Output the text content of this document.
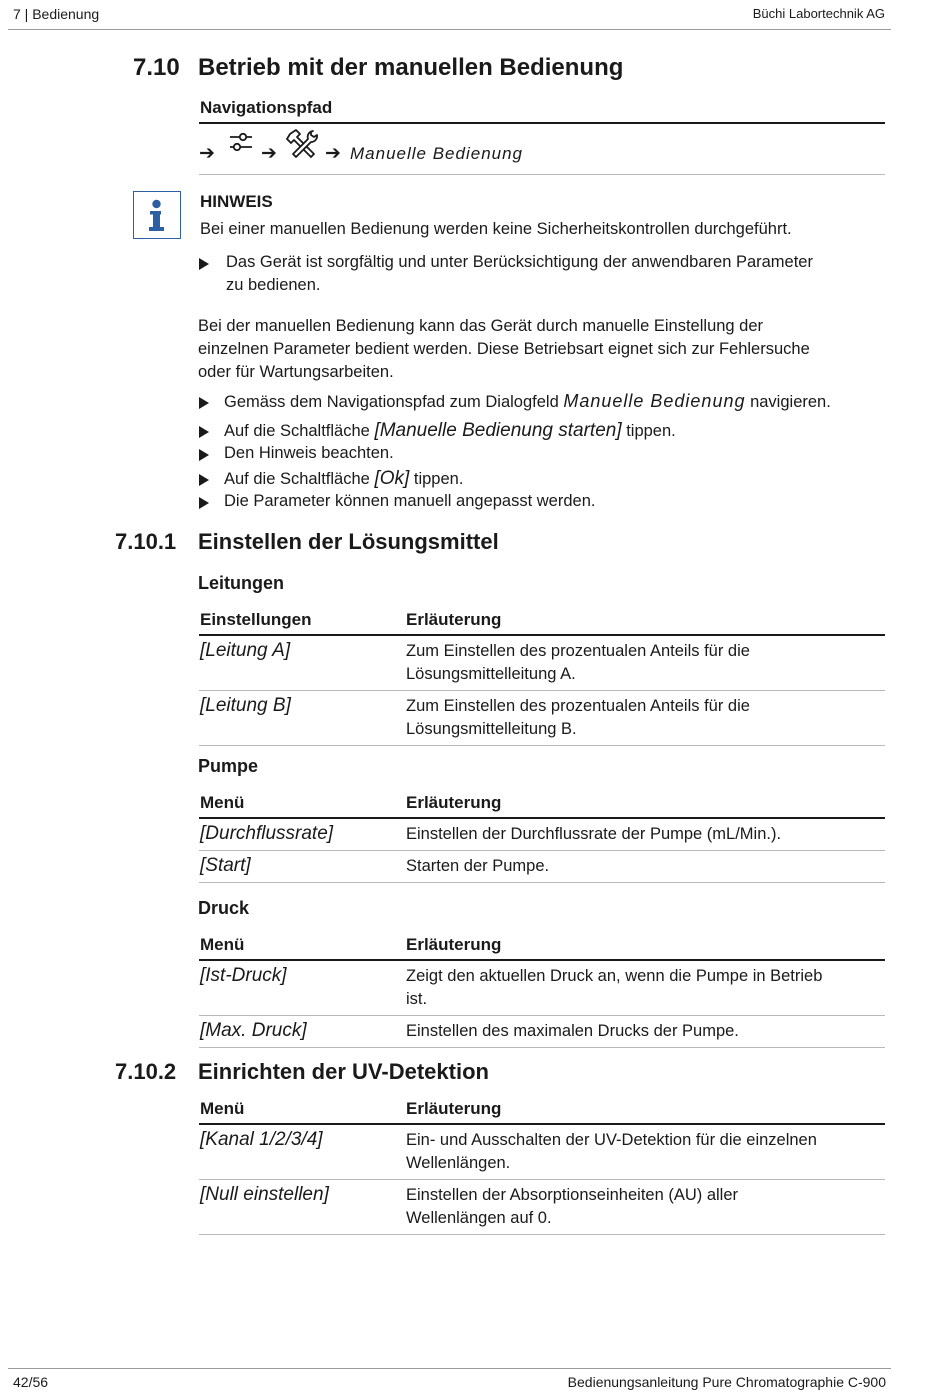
7 | Bedienung	Büchi Labortechnik AG
7.10 Betrieb mit der manuellen Bedienung
Navigationspfad
➔ ➔	➔ Manuelle Bedienung
HINWEIS
Bei einer manuellen Bedienung werden keine Sicherheitskontrollen durchgeführt.
Das Gerät ist sorgfältig und unter Berücksichtigung der anwendbaren Parameter
zu bedienen.
Bei der manuellen Bedienung kann das Gerät durch manuelle Einstellung der
einzelnen Parameter bedient werden. Diese Betriebsart eignet sich zur Fehlersuche
oder für Wartungsarbeiten.
Gemäss dem Navigationspfad zum Dialogfeld Manuelle Bedienung navigieren.
Auf die Schaltfläche [Manuelle Bedienung starten] tippen.
Den Hinweis beachten.
Auf die Schaltfläche [Ok] tippen.
Die Parameter können manuell angepasst werden.
7.10.1 Einstellen der Lösungsmittel
Leitungen
Einstellungen	Erläuterung
[Leitung A]	Zum Einstellen des prozentualen Anteils für die
Lösungsmittelleitung A.
[Leitung B]	Zum Einstellen des prozentualen Anteils für die
Lösungsmittelleitung B.
Pumpe
Menü	Erläuterung
[Durchflussrate]	Einstellen der Durchflussrate der Pumpe (mL/Min.).
[Start]	Starten der Pumpe.
Druck
Menü	Erläuterung
[Ist-Druck]	Zeigt den aktuellen Druck an, wenn die Pumpe in Betrieb
ist.
[Max. Druck]	Einstellen des maximalen Drucks der Pumpe.
7.10.2 Einrichten der UV-Detektion
Menü	Erläuterung
[Kanal 1/2/3/4]	Ein- und Ausschalten der UV-Detektion für die einzelnen
Wellenlängen.
[Null einstellen]	Einstellen der Absorptionseinheiten (AU) aller
Wellenlängen auf 0.
42/56	Bedienungsanleitung Pure Chromatographie C-900
